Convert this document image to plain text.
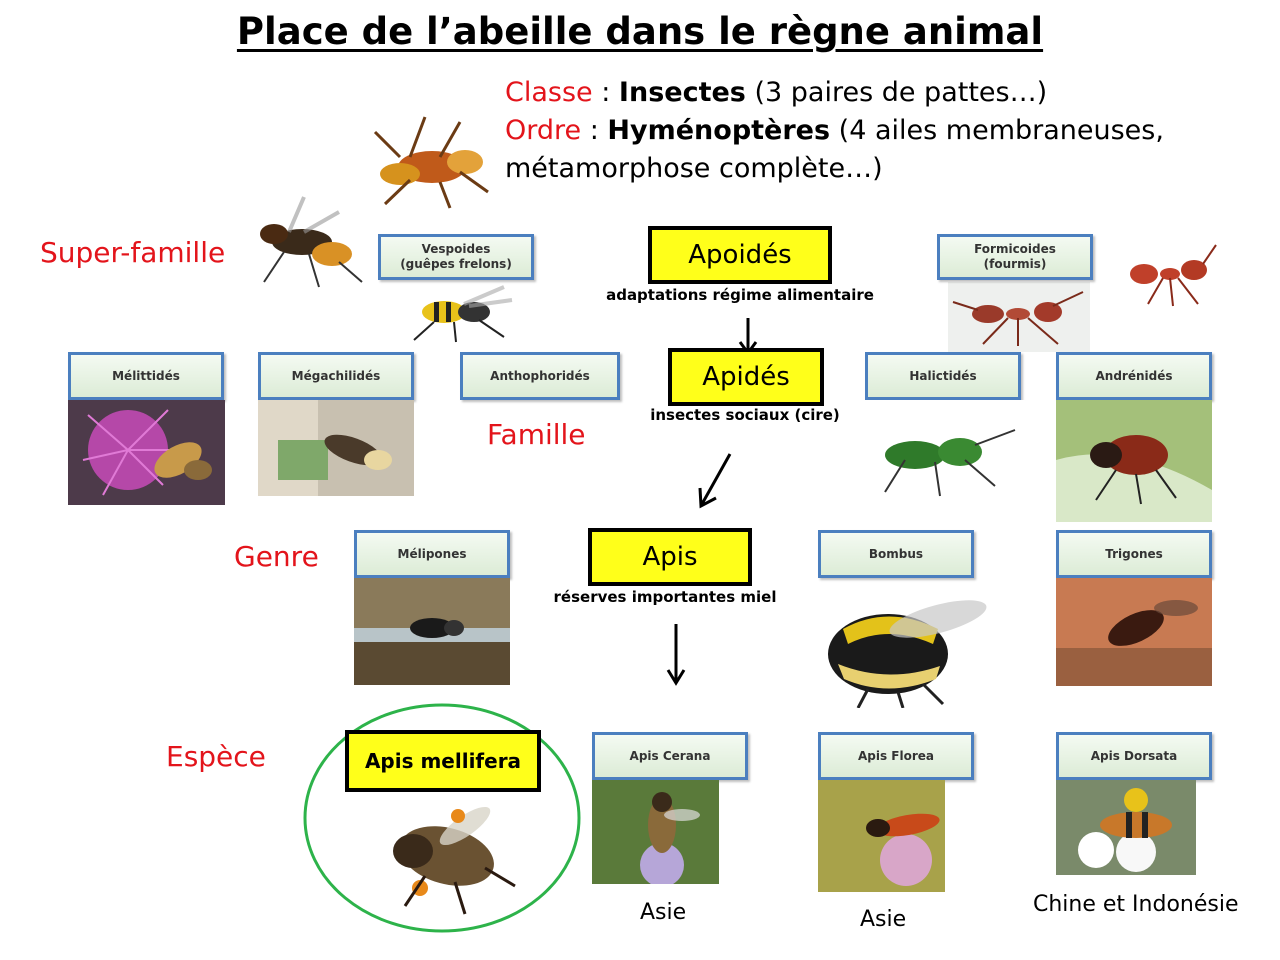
Place de l’abeille dans le règne animal
Classe : Insectes (3 paires de pattes…)
Ordre : Hyménoptères (4 ailes membraneuses,
métamorphose complète…)
Super-famille
Famille
Genre
Espèce
Vespoides
(guêpes frelons)
Formicoides
(fourmis)
Apoidés
adaptations régime alimentaire
Mélittidés	Mégachilidés	Anthophoridés	Halictidés	Andrénidés
Apidés
insectes sociaux (cire)
Mélipones	Bombus	Trigones
Apis
réserves importantes miel
Apis mellifera	Apis Cerana	Apis Florea	Apis Dorsata
Asie	Asie
Chine et Indonésie
